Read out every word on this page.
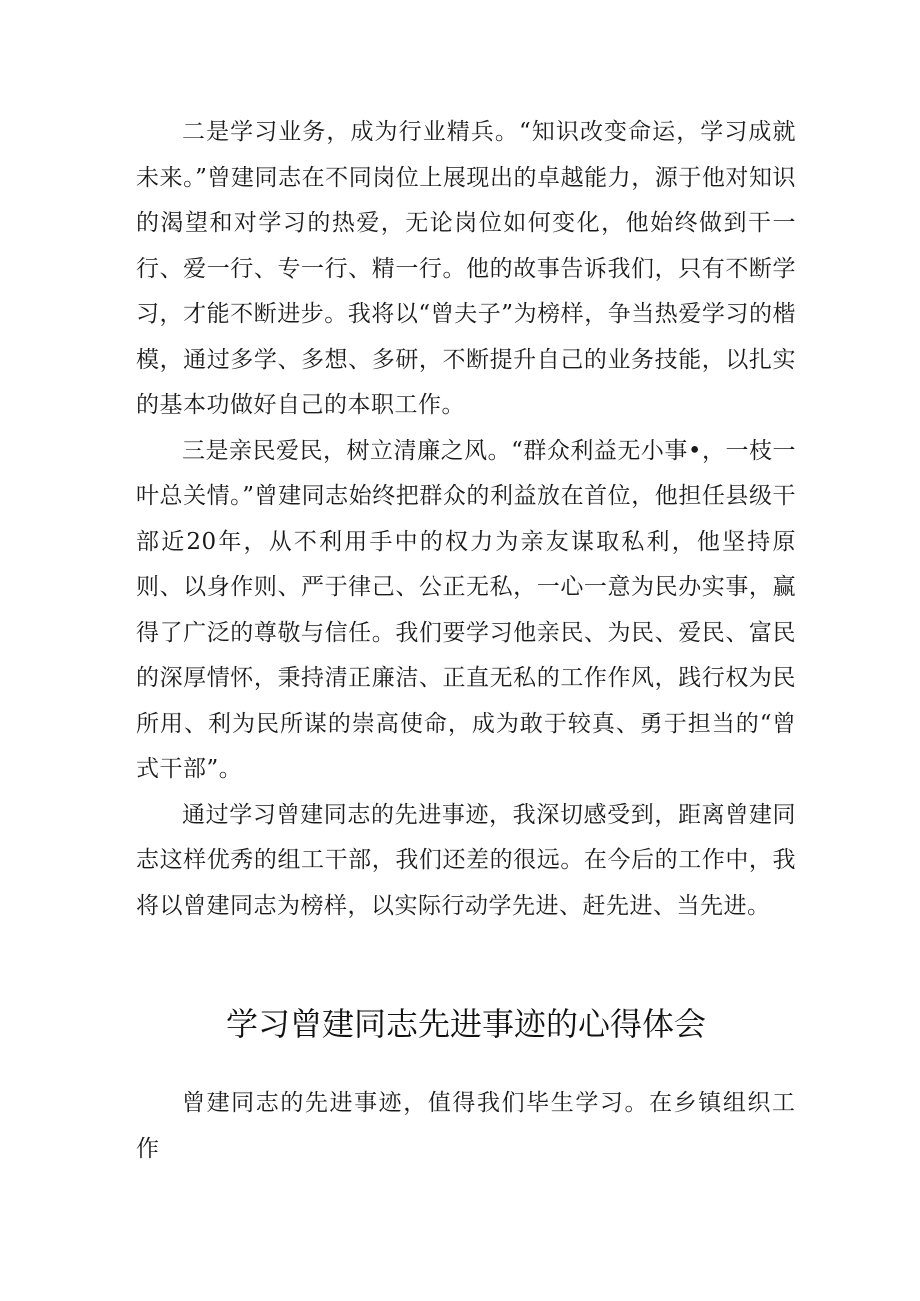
二是学习业务，成为行业精兵。“知识改变命运，学习成就未来。”曾建同志在不同岗位上展现出的卓越能力，源于他对知识的渴望和对学习的热爱，无论岗位如何变化，他始终做到干一行、爱一行、专一行、精一行。他的故事告诉我们，只有不断学习，才能不断进步。我将以“曾夫子”为榜样，争当热爱学习的楷模，通过多学、多想、多研，不断提升自己的业务技能，以扎实的基本功做好自己的本职工作。

三是亲民爱民，树立清廉之风。“群众利益无小事•，一枝一叶总关情。”曾建同志始终把群众的利益放在首位，他担任县级干部近20年，从不利用手中的权力为亲友谋取私利，他坚持原则、以身作则、严于律己、公正无私，一心一意为民办实事，赢得了广泛的尊敬与信任。我们要学习他亲民、为民、爱民、富民的深厚情怀，秉持清正廉洁、正直无私的工作作风，践行权为民所用、利为民所谋的崇高使命，成为敢于较真、勇于担当的“曾式干部”。

通过学习曾建同志的先进事迹，我深切感受到，距离曾建同志这样优秀的组工干部，我们还差的很远。在今后的工作中，我将以曾建同志为榜样，以实际行动学先进、赶先进、当先进。

学习曾建同志先进事迹的心得体会

曾建同志的先进事迹，值得我们毕生学习。在乡镇组织工作
